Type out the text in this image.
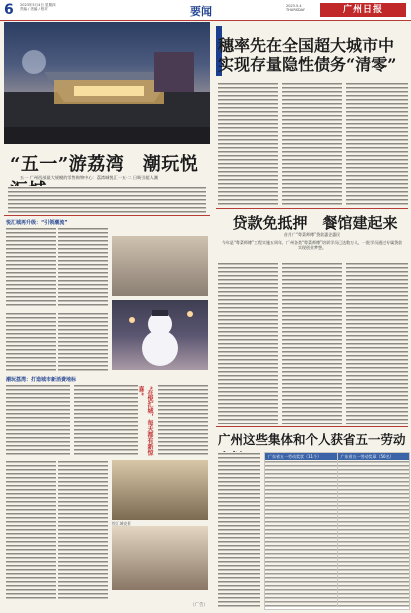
6 2023年5月4日 星期四
责编 / 美编 / 校对	要闻	2023.5.4
THURSDAY	广州日报
“五一”游荔湾　潮玩悦
五一 广州西部最大规模的零售购物中心：荔湾城悦汇一五·二 日吸引超人潮
悦汇城再升级：“引领潮流”
潮玩荔湾：打造城市新消费地标
“在悦汇城，每天都有新惊喜”
悦汇城夜景
（广告）
穗率先在全国超大城市中实现存量隐性债务“清零”
贷款免抵押　餐馆建起来
首月广“粤菜师傅”贷款惠企惠民
今年是“粤菜师傅”工程实施五周年，广州各类“粤菜师傅”培训学员已达数万人，一批学员通过专属贷款实现创业梦想。
广州这些集体和个人获省五一劳动
广东省五一劳动奖状（11个）	广东省五一劳动奖章（50名）
